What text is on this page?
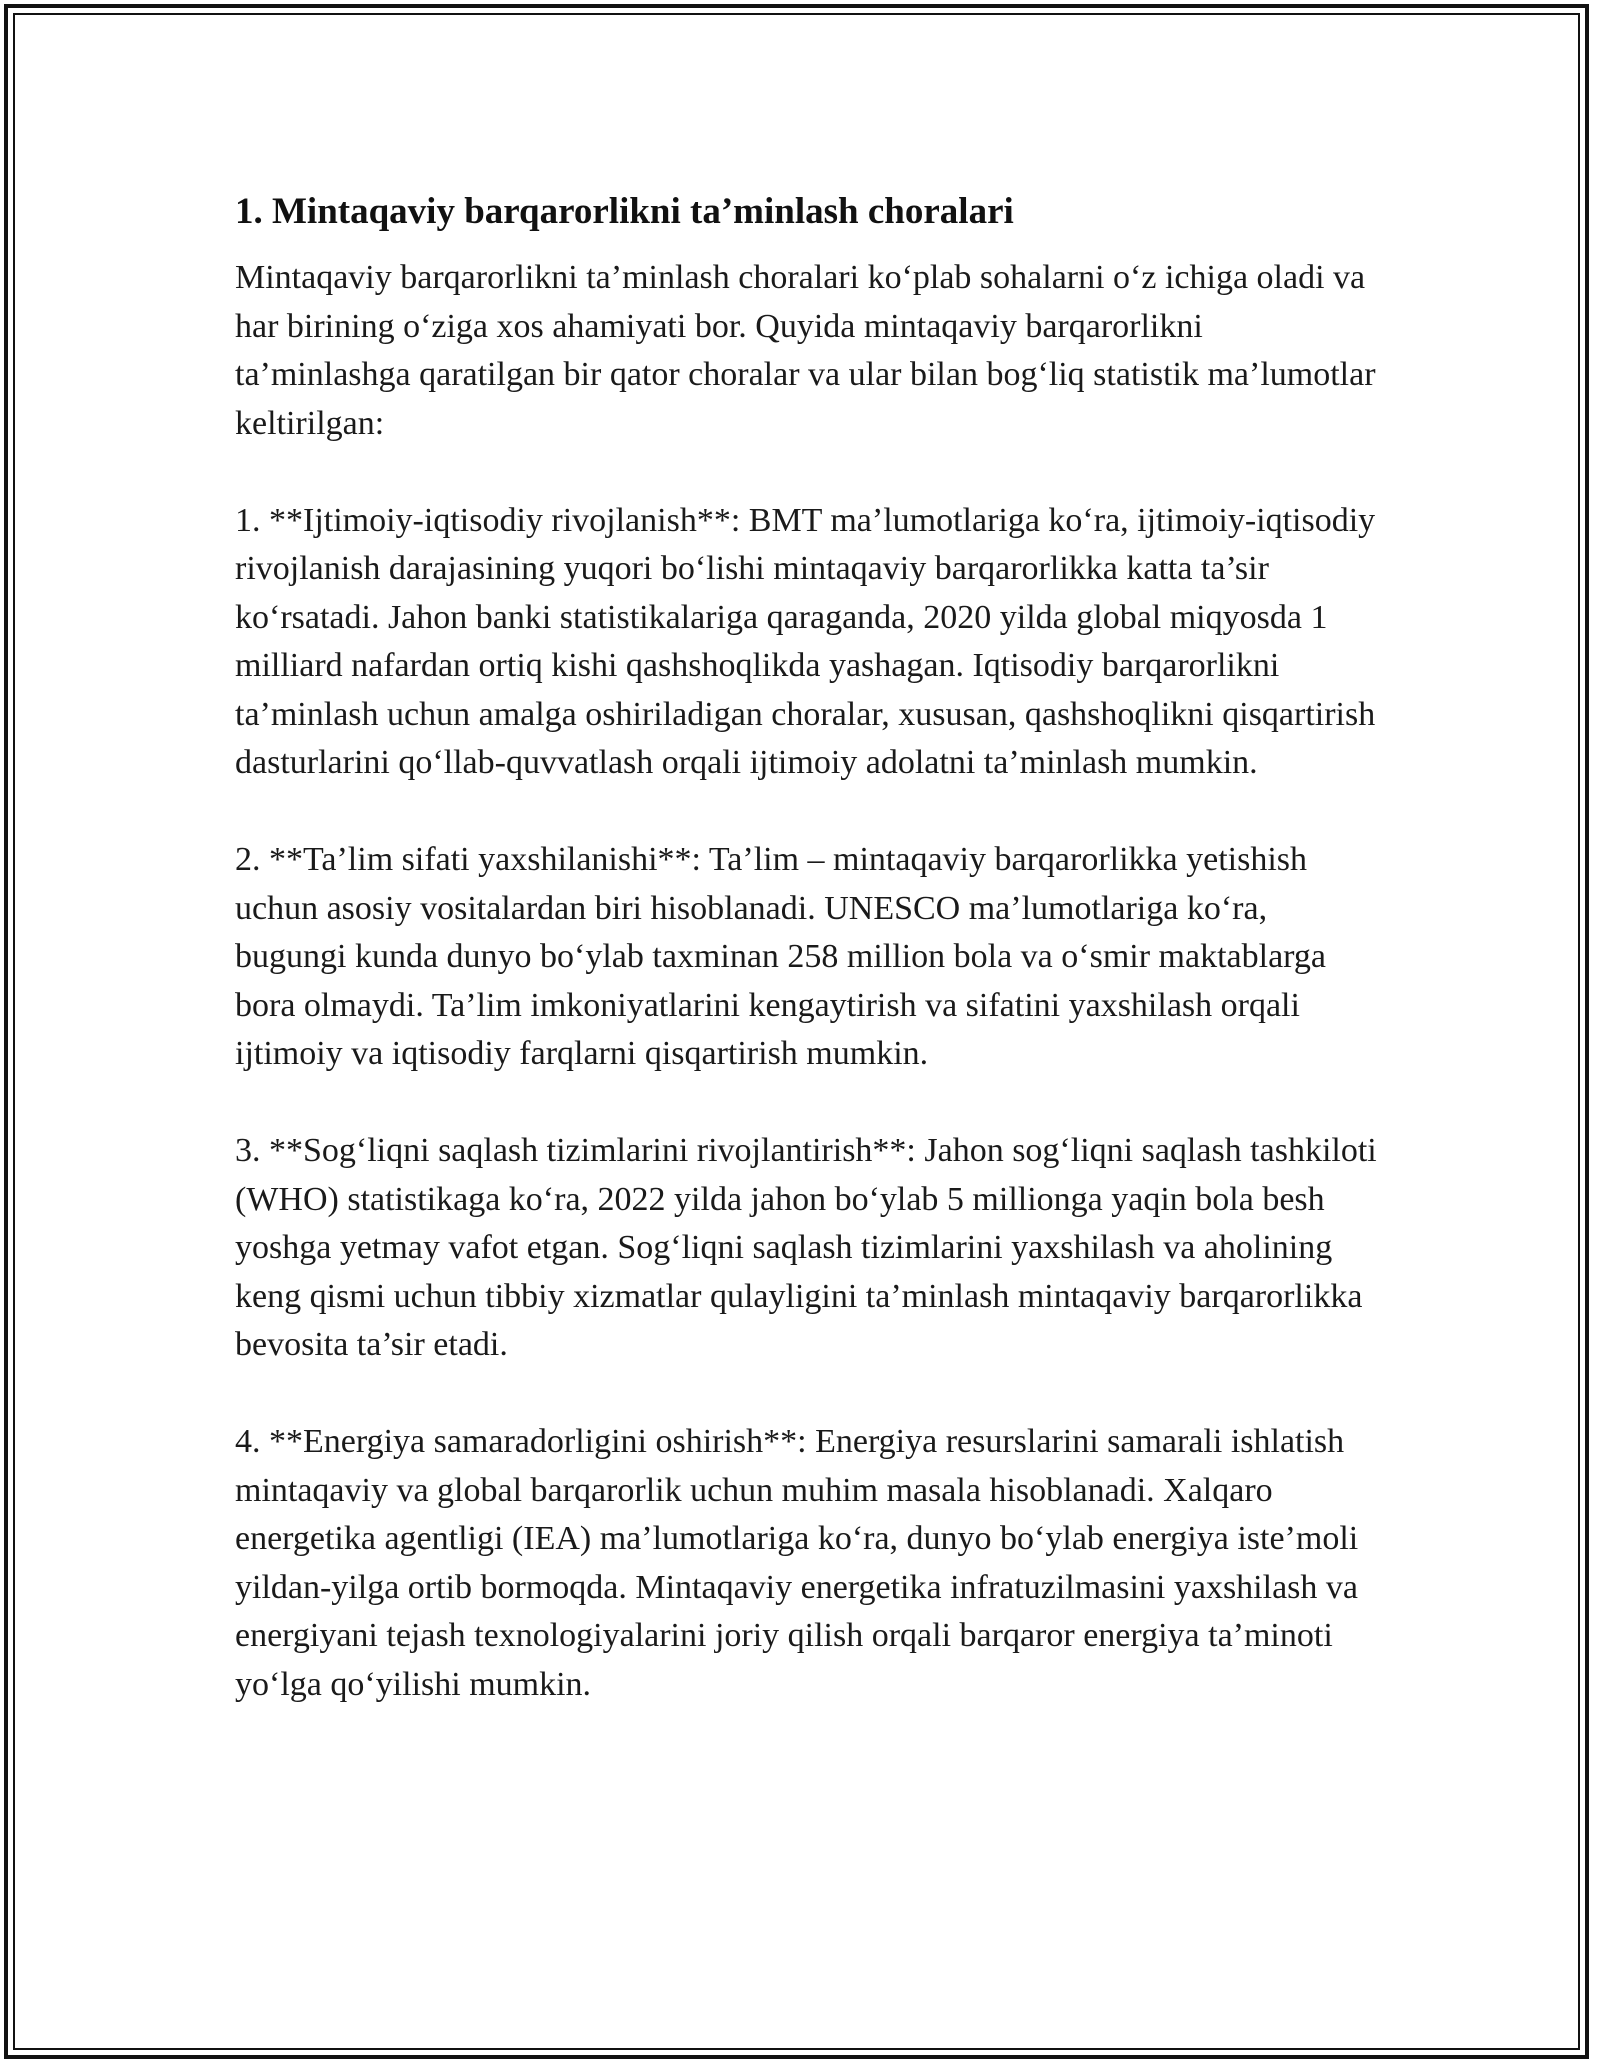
1. Mintaqaviy barqarorlikni ta’minlash choralari

Mintaqaviy barqarorlikni ta’minlash choralari ko‘plab sohalarni o‘z ichiga oladi va har birining o‘ziga xos ahamiyati bor. Quyida mintaqaviy barqarorlikni ta’minlashga qaratilgan bir qator choralar va ular bilan bog‘liq statistik ma’lumotlar keltirilgan:

1. **Ijtimoiy-iqtisodiy rivojlanish**: BMT ma’lumotlariga ko‘ra, ijtimoiy-iqtisodiy rivojlanish darajasining yuqori bo‘lishi mintaqaviy barqarorlikka katta ta’sir ko‘rsatadi. Jahon banki statistikalariga qaraganda, 2020 yilda global miqyosda 1 milliard nafardan ortiq kishi qashshoqlikda yashagan. Iqtisodiy barqarorlikni ta’minlash uchun amalga oshiriladigan choralar, xususan, qashshoqlikni qisqartirish dasturlarini qo‘llab-quvvatlash orqali ijtimoiy adolatni ta’minlash mumkin.

2. **Ta’lim sifati yaxshilanishi**: Ta’lim – mintaqaviy barqarorlikka yetishish uchun asosiy vositalardan biri hisoblanadi. UNESCO ma’lumotlariga ko‘ra, bugungi kunda dunyo bo‘ylab taxminan 258 million bola va o‘smir maktablarga bora olmaydi. Ta’lim imkoniyatlarini kengaytirish va sifatini yaxshilash orqali ijtimoiy va iqtisodiy farqlarni qisqartirish mumkin.

3. **Sog‘liqni saqlash tizimlarini rivojlantirish**: Jahon sog‘liqni saqlash tashkiloti (WHO) statistikaga ko‘ra, 2022 yilda jahon bo‘ylab 5 millionga yaqin bola besh yoshga yetmay vafot etgan. Sog‘liqni saqlash tizimlarini yaxshilash va aholining keng qismi uchun tibbiy xizmatlar qulayligini ta’minlash mintaqaviy barqarorlikka bevosita ta’sir etadi.

4. **Energiya samaradorligini oshirish**: Energiya resurslarini samarali ishlatish mintaqaviy va global barqarorlik uchun muhim masala hisoblanadi. Xalqaro energetika agentligi (IEA) ma’lumotlariga ko‘ra, dunyo bo‘ylab energiya iste’moli yildan-yilga ortib bormoqda. Mintaqaviy energetika infratuzilmasini yaxshilash va energiyani tejash texnologiyalarini joriy qilish orqali barqaror energiya ta’minoti yo‘lga qo‘yilishi mumkin.
